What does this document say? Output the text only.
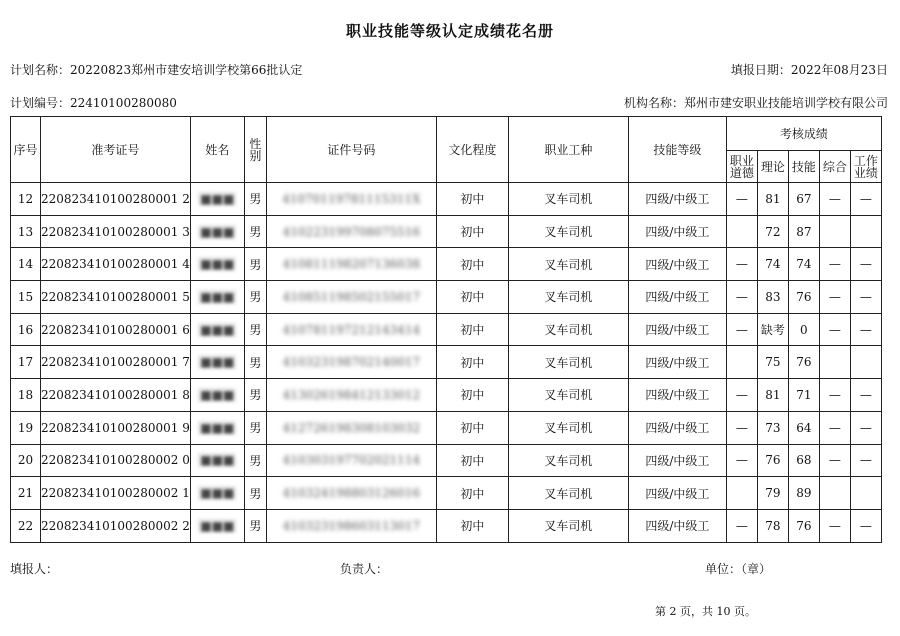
职业技能等级认定成绩花名册
计划名称：20220823郑州市建安培训学校第66批认定	填报日期：2022年08月23日
计划编号：22410100280080	机构名称：郑州市建安职业技能培训学校有限公司
序号	准考证号	姓名	性别	证件号码	文化程度	职业工种	技能等级	考核成绩				
								职业道德	理论	技能	综合	工作业绩
12	220823410100280001 2	■■■	男	41070119781115311X	初中	叉车司机	四级/中级工	—	81	67	—	—
13	220823410100280001 3	■■■	男	410223199708075516	初中	叉车司机	四级/中级工		72	87		
14	220823410100280001 4	■■■	男	410811198207136038	初中	叉车司机	四级/中级工	—	74	74	—	—
15	220823410100280001 5	■■■	男	410851198502155017	初中	叉车司机	四级/中级工	—	83	76	—	—
16	220823410100280001 6	■■■	男	410781197212143414	初中	叉车司机	四级/中级工	—	缺考	0	—	—
17	220823410100280001 7	■■■	男	410323198702140017	初中	叉车司机	四级/中级工		75	76		
18	220823410100280001 8	■■■	男	413026198412133012	初中	叉车司机	四级/中级工	—	81	71	—	—
19	220823410100280001 9	■■■	男	412726198308103032	初中	叉车司机	四级/中级工	—	73	64	—	—
20	220823410100280002 0	■■■	男	410303197702021114	初中	叉车司机	四级/中级工	—	76	68	—	—
21	220823410100280002 1	■■■	男	410324198803126016	初中	叉车司机	四级/中级工		79	89		
22	220823410100280002 2	■■■	男	410323198603113017	初中	叉车司机	四级/中级工	—	78	76	—	—
填报人：	负责人：	单位：（章）
第 2 页，共 10 页。
